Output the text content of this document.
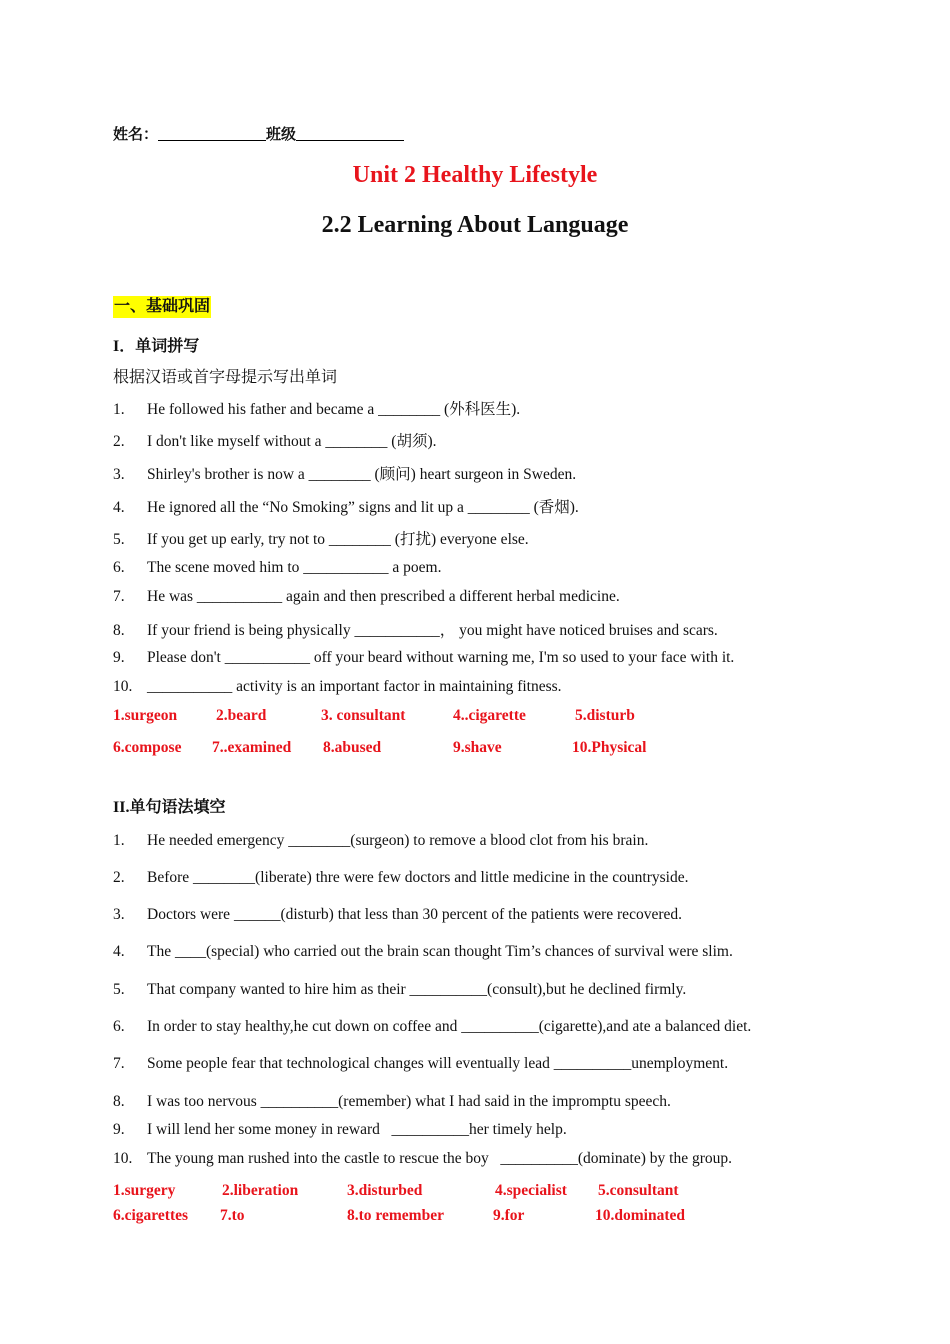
姓名：	班级
Unit 2 Healthy Lifestyle
2.2 Learning About Language
一、基础巩固
I．单词拼写
根据汉语或首字母提示写出单词
1. He followed his father and became a ________ (外科医生).
2. I don't like myself without a ________ (胡须).
3. Shirley's brother is now a ________ (顾问) heart surgeon in Sweden.
4. He ignored all the “No Smoking” signs and lit up a ________ (香烟).
5. If you get up early, try not to ________ (打扰) everyone else.
6. The scene moved him to ___________ a poem.
7. He was ___________ again and then prescribed a different herbal medicine.
8. If your friend is being physically ___________， you might have noticed bruises and scars.
9. Please don't ___________ off your beard without warning me, I'm so used to your face with it.
10. ___________ activity is an important factor in maintaining fitness.
1.surgeon	2.beard	3. consultant	4..cigarette	5.disturb
6.compose 7..examined 8.abused	9.shave	10.Physical
II.单句语法填空
1. He needed emergency ________(surgeon) to remove a blood clot from his brain.
2. Before ________(liberate) thre were few doctors and little medicine in the countryside.
3. Doctors were ______(disturb) that less than 30 percent of the patients were recovered.
4. The ____(special) who carried out the brain scan thought Tim’s chances of survival were slim.
5. That company wanted to hire him as their __________(consult),but he declined firmly.
6. In order to stay healthy,he cut down on coffee and __________(cigarette),and ate a balanced diet.
7. Some people fear that technological changes will eventually lead __________unemployment.
8. I was too nervous __________(remember) what I had said in the impromptu speech.
9. I will lend her some money in reward   __________her timely help.
10. The young man rushed into the castle to rescue the boy   __________(dominate) by the group.
1.surgery	2.liberation	3.disturbed	4.specialist 5.consultant
6.cigarettes 7.to	8.to remember	9.for	10.dominated
